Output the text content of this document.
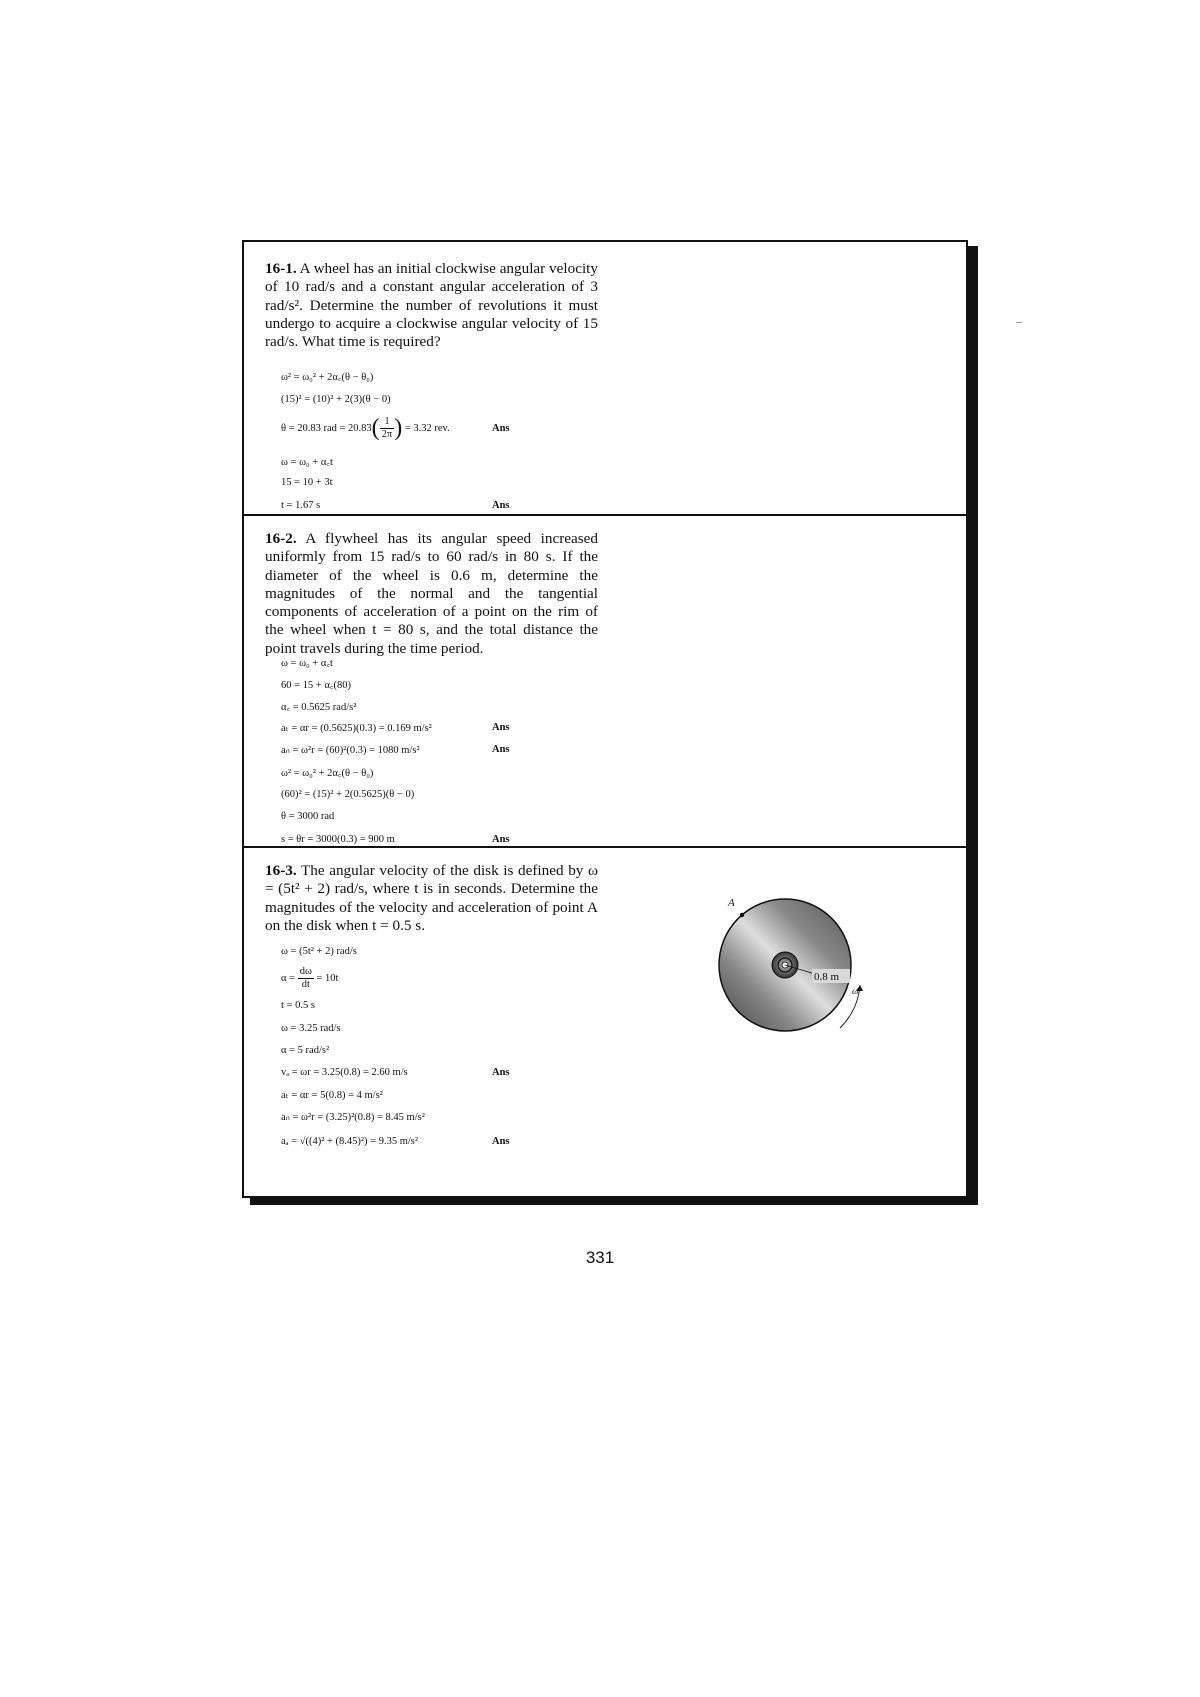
16-1. A wheel has an initial clockwise angular velocity of 10 rad/s and a constant angular acceleration of 3 rad/s². Determine the number of revolutions it must undergo to acquire a clockwise angular velocity of 15 rad/s. What time is required?
ω² = ω₀² + 2α꜀(θ − θ₀)
(15)² = (10)² + 2(3)(θ − 0)
θ = 20.83 rad = $20.83( \frac{1}{2\pi}$ ) = 3.32 rev.	Ans
ω = ω₀ + α꜀t
15 = 10 + 3t
t = 1.67 s	Ans
16-2. A flywheel has its angular speed increased uniformly from 15 rad/s to 60 rad/s in 80 s. If the diameter of the wheel is 0.6 m, determine the magnitudes of the normal and the tangential components of acceleration of a point on the rim of the wheel when t = 80 s, and the total distance the point travels during the time period.
ω = ω₀ + α꜀t
60 = 15 + α꜀(80)
α꜀ = 0.5625 rad/s²
aₜ = αr = (0.5625)(0.3) = 0.169 m/s²	Ans
aₙ = ω²r = (60)²(0.3) = 1080 m/s²	Ans
ω² = ω₀² + 2α꜀(θ − θ₀)
(60)² = (15)² + 2(0.5625)(θ − 0)
θ = 3000 rad
s = θr = 3000(0.3) = 900 m	Ans
16-3. The angular velocity of the disk is defined by ω = (5t² + 2) rad/s, where t is in seconds. Determine the magnitudes of the velocity and acceleration of point A on the disk when t = 0.5 s.
ω = (5t² + 2) rad/s
$\alpha = \frac{d\omega}{dt} = 10t$
t = 0.5 s
ω = 3.25 rad/s
α = 5 rad/s²
vₐ = ωr = 3.25(0.8) = 2.60 m/s	Ans
aₜ = αr = 5(0.8) = 4 m/s²
aₙ = ω²r = (3.25)²(0.8) = 8.45 m/s²
aₐ = √((4)² + (8.45)²) = 9.35 m/s²	Ans
A
0.8 m
ω
331
